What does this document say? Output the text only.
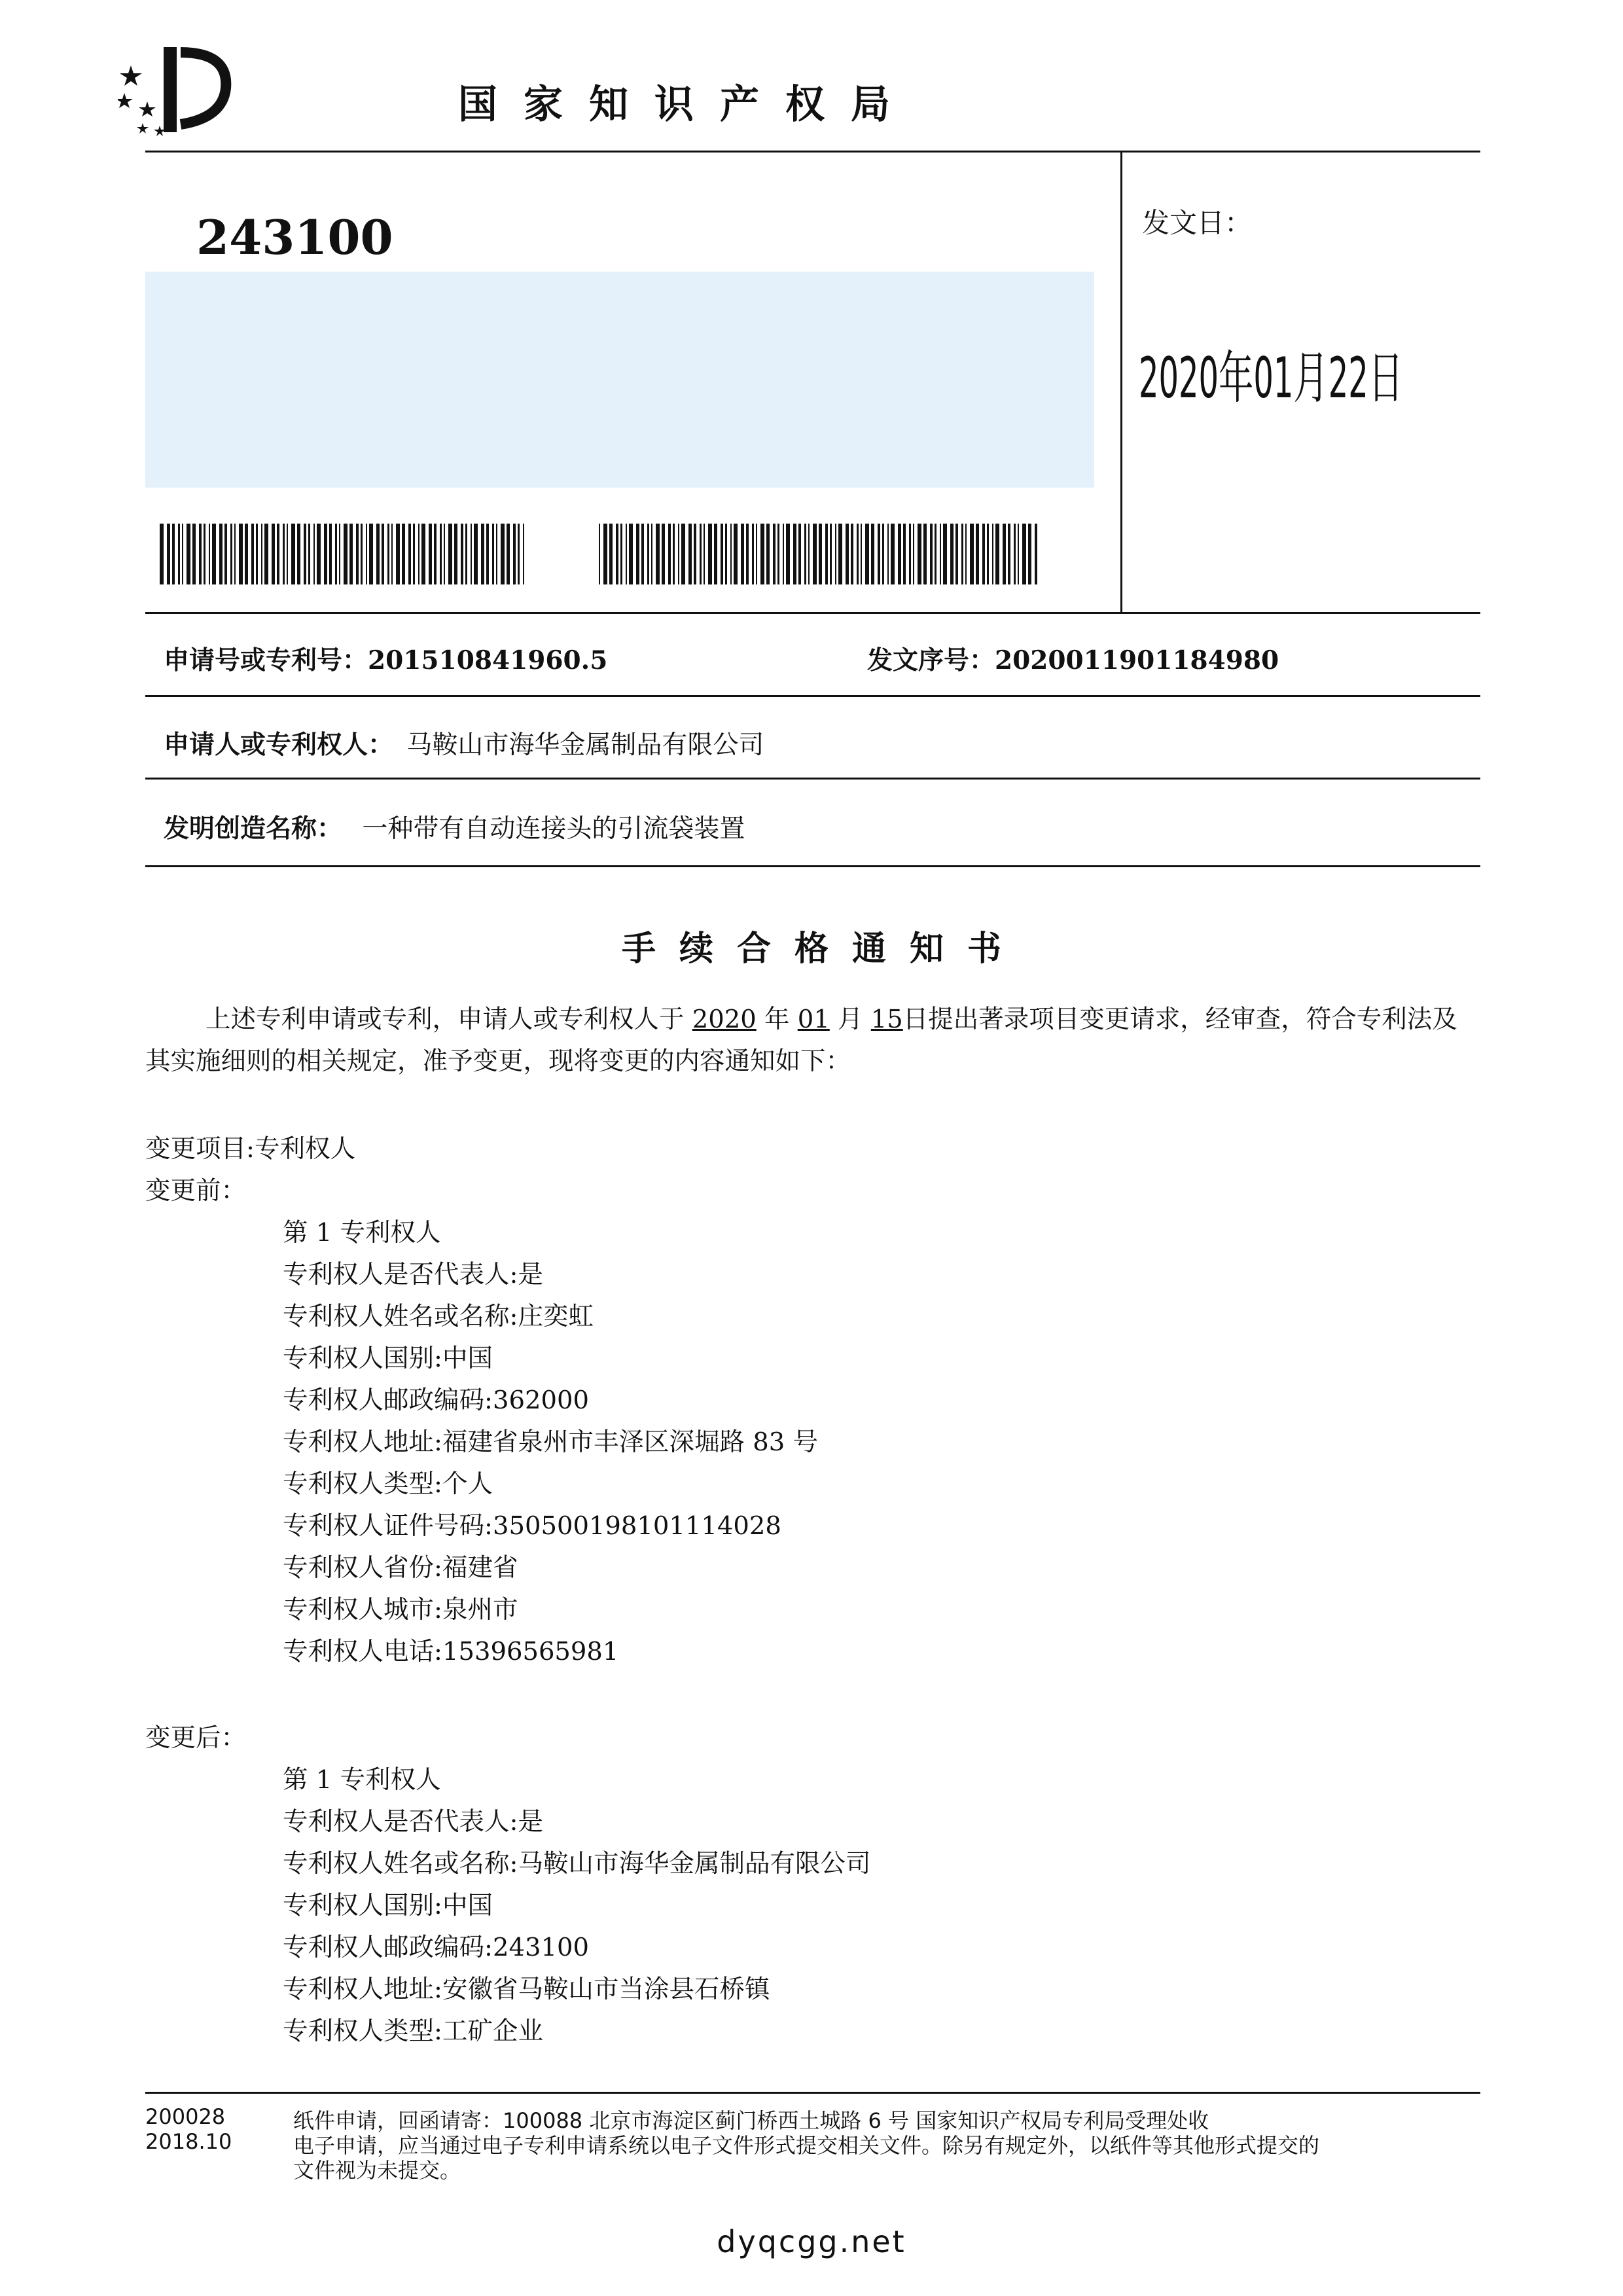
国家知识产权局
243100	发文日：
2020年01月22日
申请号或专利号：201510841960.5	发文序号：2020011901184980
申请人或专利权人： 马鞍山市海华金属制品有限公司
发明创造名称： 一种带有自动连接头的引流袋装置
手续合格通知书
上述专利申请或专利，申请人或专利权人于 2020 年 01 月 15日提出著录项目变更请求，经审查，符合专利法及其实施细则的相关规定，准予变更，现将变更的内容通知如下：
变更项目:专利权人
变更前：
第 1 专利权人
专利权人是否代表人:是
专利权人姓名或名称:庄奕虹
专利权人国别:中国
专利权人邮政编码:362000
专利权人地址:福建省泉州市丰泽区深堀路 83 号
专利权人类型:个人
专利权人证件号码:350500198101114028
专利权人省份:福建省
专利权人城市:泉州市
专利权人电话:15396565981
变更后：
第 1 专利权人
专利权人是否代表人:是
专利权人姓名或名称:马鞍山市海华金属制品有限公司
专利权人国别:中国
专利权人邮政编码:243100
专利权人地址:安徽省马鞍山市当涂县石桥镇
专利权人类型:工矿企业
200028
2018.10
纸件申请，回函请寄：100088 北京市海淀区蓟门桥西土城路 6 号 国家知识产权局专利局受理处收
电子申请，应当通过电子专利申请系统以电子文件形式提交相关文件。除另有规定外，以纸件等其他形式提交的
文件视为未提交。
dyqcgg.net
